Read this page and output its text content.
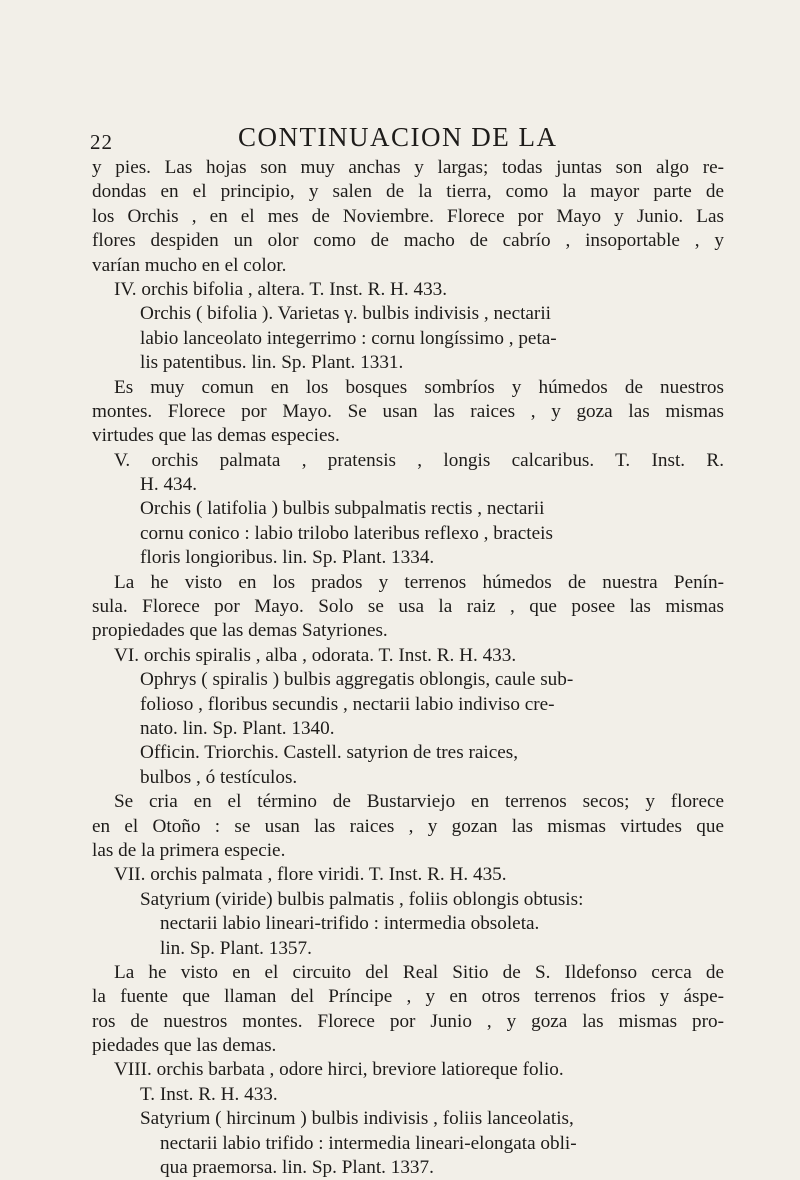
22	CONTINUACION DE LA
y pies. Las hojas son muy anchas y largas; todas juntas son algo re-
dondas en el principio, y salen de la tierra, como la mayor parte de
los Orchis , en el mes de Noviembre. Florece por Mayo y Junio. Las
flores despiden un olor como de macho de cabrío , insoportable , y
varían mucho en el color.
IV. orchis bifolia , altera. T. Inst. R. H. 433.
Orchis ( bifolia ). Varietas γ. bulbis indivisis , nectarii
labio lanceolato integerrimo : cornu longíssimo , peta-
lis patentibus. lin. Sp. Plant. 1331.
Es muy comun en los bosques sombríos y húmedos de nuestros
montes. Florece por Mayo. Se usan las raices , y goza las mismas
virtudes que las demas especies.
V. orchis palmata , pratensis , longis calcaribus. T. Inst. R.
H. 434.
Orchis ( latifolia ) bulbis subpalmatis rectis , nectarii
cornu conico : labio trilobo lateribus reflexo , bracteis
floris longioribus. lin. Sp. Plant. 1334.
La he visto en los prados y terrenos húmedos de nuestra Penín-
sula. Florece por Mayo. Solo se usa la raiz , que posee las mismas
propiedades que las demas Satyriones.
VI. orchis spiralis , alba , odorata. T. Inst. R. H. 433.
Ophrys ( spiralis ) bulbis aggregatis oblongis, caule sub-
folioso , floribus secundis , nectarii labio indiviso cre-
nato. lin. Sp. Plant. 1340.
Officin. Triorchis. Castell. satyrion de tres raices,
bulbos , ó testículos.
Se cria en el término de Bustarviejo en terrenos secos; y florece
en el Otoño : se usan las raices , y gozan las mismas virtudes que
las de la primera especie.
VII. orchis palmata , flore viridi. T. Inst. R. H. 435.
Satyrium (viride) bulbis palmatis , foliis oblongis obtusis:
nectarii labio lineari-trifido : intermedia obsoleta.
lin. Sp. Plant. 1357.
La he visto en el circuito del Real Sitio de S. Ildefonso cerca de
la fuente que llaman del Príncipe , y en otros terrenos frios y áspe-
ros de nuestros montes. Florece por Junio , y goza las mismas pro-
piedades que las demas.
VIII. orchis barbata , odore hirci, breviore latioreque folio.
T. Inst. R. H. 433.
Satyrium ( hircinum ) bulbis indivisis , foliis lanceolatis,
nectarii labio trifido : intermedia lineari-elongata obli-
qua praemorsa. lin. Sp. Plant. 1337.
